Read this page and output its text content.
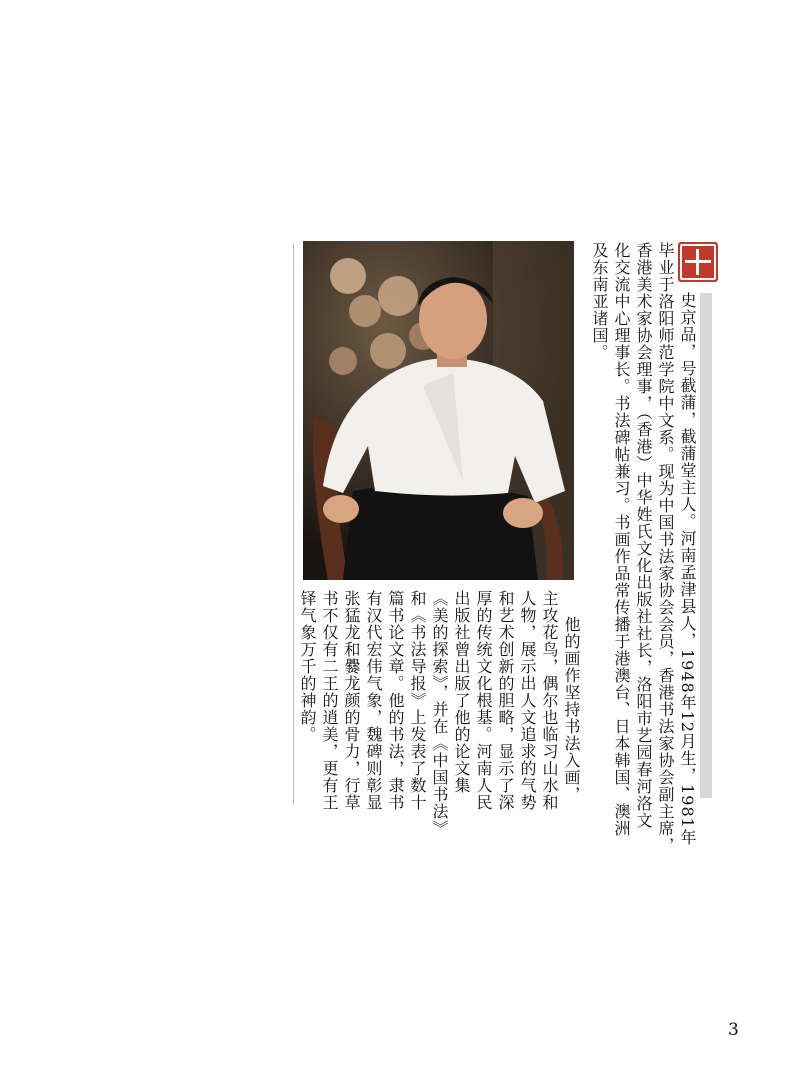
史京品，号截蒲，截蒲堂主人。河南孟津县人，1948年12月生，1981年
毕业于洛阳师范学院中文系。现为中国书法家协会会员，香港书法家协会副主席，
香港美术家协会理事，（香港）中华姓氏文化出版社社长，洛阳市艺园春河洛文
化交流中心理事长。书法碑帖兼习。书画作品常传播于港澳台、日本韩国、澳洲
及东南亚诸国。
他的画作坚持书法入画，
主攻花鸟，偶尔也临习山水和
人物，展示出人文追求的气势
和艺术创新的胆略，显示了深
厚的传统文化根基。河南人民
出版社曾出版了他的论文集
《美的探索》，并在《中国书法》
和《书法导报》上发表了数十
篇书论文章。他的书法，隶书
有汉代宏伟气象，魏碑则彰显
张猛龙和爨龙颜的骨力，行草
书不仅有二王的逍美，更有王
铎气象万千的神韵。
3
